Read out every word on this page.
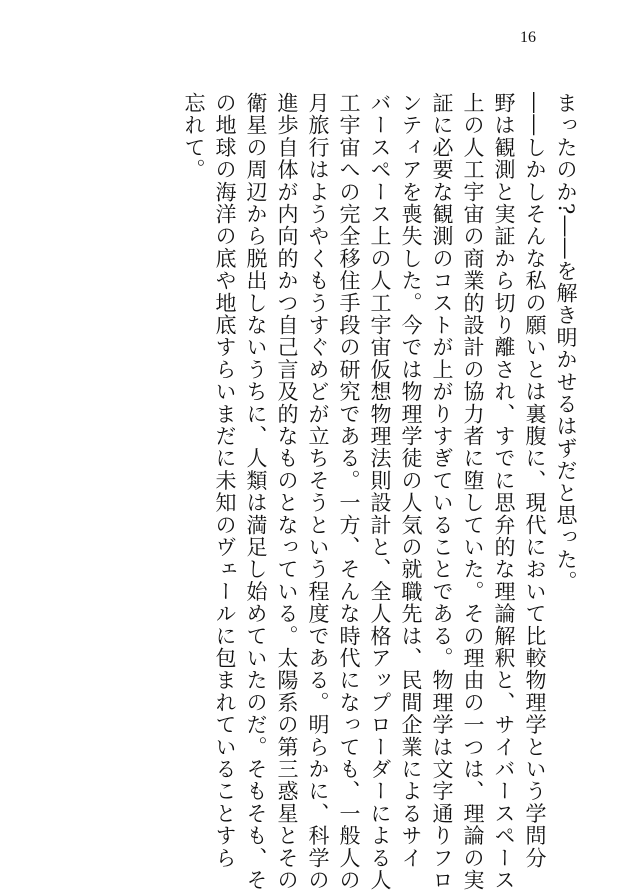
16
まったのか?――を解き明かせるはずだと思った。
――しかしそんな私の願いとは裏腹に、現代において比較物理学という学問分
野は観測と実証から切り離され、すでに思弁的な理論解釈と、サイバースペース
上の人工宇宙の商業的設計の協力者に堕していた。その理由の一つは、理論の実
証に必要な観測のコストが上がりすぎていることである。物理学は文字通りフロ
ンティアを喪失した。今では物理学徒の人気の就職先は、民間企業によるサイ
バースペース上の人工宇宙仮想物理法則設計と、全人格アップローダーによる人
工宇宙への完全移住手段の研究である。一方、そんな時代になっても、一般人の
月旅行はようやくもうすぐめどが立ちそうという程度である。明らかに、科学の
進歩自体が内向的かつ自己言及的なものとなっている。太陽系の第三惑星とその
衛星の周辺から脱出しないうちに、人類は満足し始めていたのだ。そもそも、そ
の地球の海洋の底や地底すらいまだに未知のヴェールに包まれていることすら
忘れて。
